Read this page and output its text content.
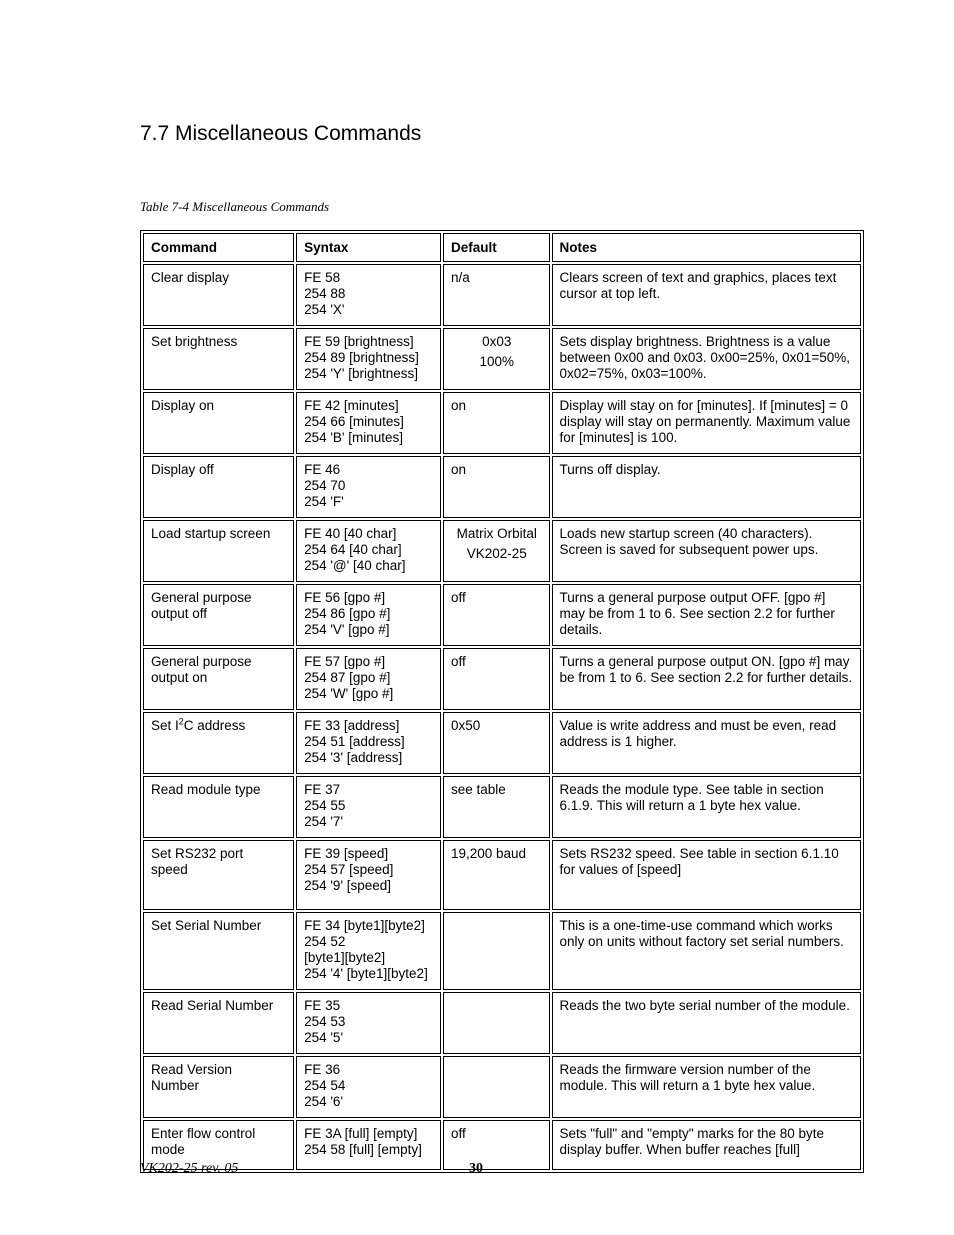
7.7 Miscellaneous Commands

Table 7-4 Miscellaneous Commands

Command	Syntax	Default	Notes

Clear display	FE 58
254 88
254 'X'	n/a	Clears screen of text and graphics, places text cursor at top left.

Set brightness	FE 59 [brightness]
254 89 [brightness]
254 'Y' [brightness]	0x03
100%	Sets display brightness. Brightness is a value between 0x00 and 0x03. 0x00=25%, 0x01=50%, 0x02=75%, 0x03=100%.

Display on	FE 42 [minutes]
254 66 [minutes]
254 'B' [minutes]	on	Display will stay on for [minutes]. If [minutes] = 0 display will stay on permanently. Maximum value for [minutes] is 100.

Display off	FE 46
254 70
254 'F'	on	Turns off display.

Load startup screen	FE 40 [40 char]
254 64 [40 char]
254 '@' [40 char]	Matrix Orbital
VK202-25	Loads new startup screen (40 characters). Screen is saved for subsequent power ups.

General purpose
output off	FE 56 [gpo #]
254 86 [gpo #]
254 'V' [gpo #]	off	Turns a general purpose output OFF. [gpo #] may be from 1 to 6. See section 2.2 for further details.

General purpose
output on	FE 57 [gpo #]
254 87 [gpo #]
254 'W' [gpo #]	off	Turns a general purpose output ON. [gpo #] may be from 1 to 6. See section 2.2 for further details.

Set $I^2C$ address	FE 33 [address]
254 51 [address]
254 '3' [address]	0x50	Value is write address and must be even, read address is 1 higher.

Read module type	FE 37
254 55
254 '7'	see table	Reads the module type. See table in section 6.1.9. This will return a 1 byte hex value.

Set RS232 port
speed	FE 39 [speed]
254 57 [speed]
254 '9' [speed]	19,200 baud	Sets RS232 speed. See table in section 6.1.10 for values of [speed]

Set Serial Number	FE 34 [byte1][byte2]
254 52
[byte1][byte2]
254 '4' [byte1][byte2]		This is a one-time-use command which works only on units without factory set serial numbers.

Read Serial Number	FE 35
254 53
254 '5'		Reads the two byte serial number of the module.

Read Version
Number	FE 36
254 54
254 '6'		Reads the firmware version number of the module. This will return a 1 byte hex value.

Enter flow control
mode	FE 3A [full] [empty]
254 58 [full] [empty]	off	Sets "full" and "empty" marks for the 80 byte display buffer. When buffer reaches [full]
VK202-25 rev. 05	30
